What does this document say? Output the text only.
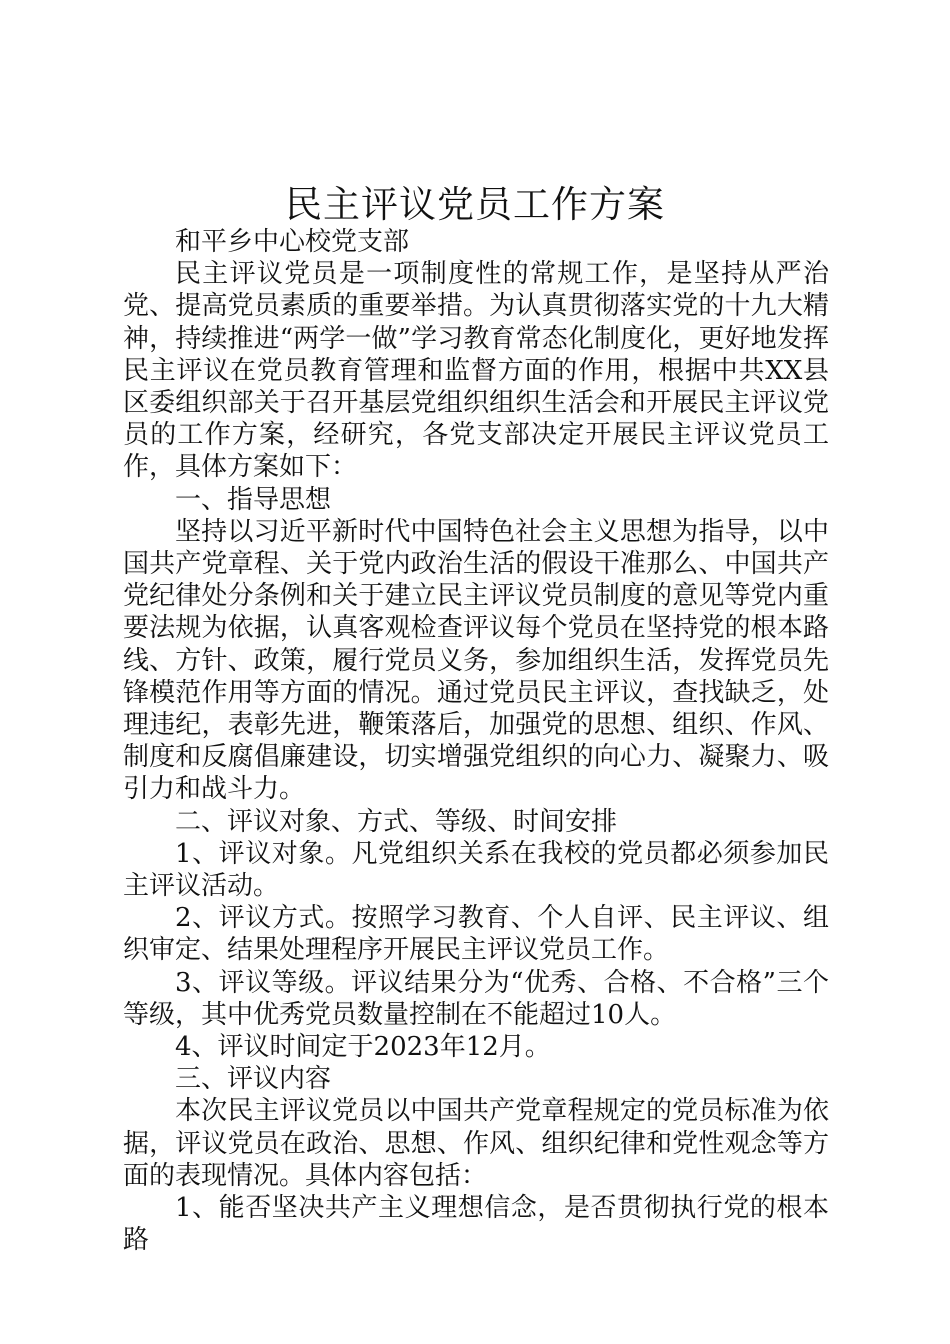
民主评议党员工作方案

和平乡中心校党支部

民主评议党员是一项制度性的常规工作，是坚持从严治党、提高党员素质的重要举措。为认真贯彻落实党的十九大精神，持续推进“两学一做”学习教育常态化制度化，更好地发挥民主评议在党员教育管理和监督方面的作用，根据中共XX县区委组织部关于召开基层党组织组织生活会和开展民主评议党员的工作方案，经研究，各党支部决定开展民主评议党员工作，具体方案如下：

一、指导思想

坚持以习近平新时代中国特色社会主义思想为指导，以中国共产党章程、关于党内政治生活的假设干准那么、中国共产党纪律处分条例和关于建立民主评议党员制度的意见等党内重要法规为依据，认真客观检查评议每个党员在坚持党的根本路线、方针、政策，履行党员义务，参加组织生活，发挥党员先锋模范作用等方面的情况。通过党员民主评议，查找缺乏，处理违纪，表彰先进，鞭策落后，加强党的思想、组织、作风、制度和反腐倡廉建设，切实增强党组织的向心力、凝聚力、吸引力和战斗力。

二、评议对象、方式、等级、时间安排

1、评议对象。凡党组织关系在我校的党员都必须参加民主评议活动。

2、评议方式。按照学习教育、个人自评、民主评议、组织审定、结果处理程序开展民主评议党员工作。

3、评议等级。评议结果分为“优秀、合格、不合格”三个等级，其中优秀党员数量控制在不能超过10人。

4、评议时间定于2023年12月。

三、评议内容

本次民主评议党员以中国共产党章程规定的党员标准为依据，评议党员在政治、思想、作风、组织纪律和党性观念等方面的表现情况。具体内容包括：

1、能否坚决共产主义理想信念，是否贯彻执行党的根本路
